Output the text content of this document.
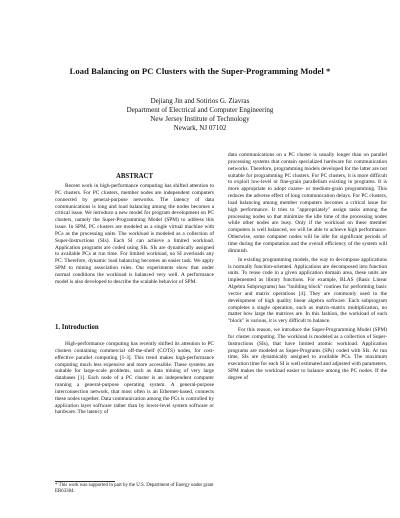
Load Balancing on PC Clusters with the Super-Programming Model *
Dejiang Jin and Sotirios G. Ziavras
Department of Electrical and Computer Engineering
New Jersey Institute of Technology
Newark, NJ 07102
ABSTRACT

Recent work in high-performance computing has shifted attention to PC clusters. For PC clusters, member nodes are independent computers connected by general-purpose networks. The latency of data communications is long and load balancing among the nodes becomes a critical issue. We introduce a new model for program development on PC clusters, namely the Super-Programming Model (SPM) to address this issue. In SPM, PC clusters are modeled as a single virtual machine with PCs as the processing units. The workload is modeled as a collection of Super-Instructions (SIs). Each SI can achieve a limited workload. Application programs are coded using SIs. SIs are dynamically assigned to available PCs at run time. For limited workload, no SI overloads any PC. Therefore, dynamic load balancing becomes an easier task. We apply SPM to mining association rules. Our experiments show that under normal conditions the workload is balanced very well. A performance model is also developed to describe the scalable behavior of SPM.

High-performance computing has recently shifted its attention to PC clusters containing commercial off-the-shelf (COTS) nodes, for cost-effective parallel computing [1-3]. This trend makes high-performance computing much less expensive and more accessible. These systems are suitable for large-scale problems, such as data mining of very large databases [1]. Each node of a PC cluster is an independent computer running a general-purpose operating system. A general-purpose interconnection network, that most often is an Ethernet-based, connects these nodes together. Data communication among the PCs is controlled by application layer software rather than by lower-level system software or hardware. The latency of

1. Introduction

data communications on a PC cluster is usually longer than on parallel processing systems that contain specialized hardware for communication networks. Therefore, programming models developed for the latter are not suitable for programming PC clusters. For PC clusters, it is more difficult to exploit low-level or fine-grain parallelism existing in programs. It is more appropriate to adopt coarse- or medium-grain programming. This reduces the adverse effect of long communication delays. For PC clusters, load balancing among member computers becomes a critical issue for high performance. It tries to "appropriately" assign tasks among the processing nodes so that minimize the idle time of the processing nodes while other nodes are busy. Only if the workload on these member computers is well balanced, we will be able to achieve high performance. Otherwise, some computer nodes will be idle for significant periods of time during the computation and the overall efficiency of the system will diminish.

In existing programming models, the way to decompose applications is normally function-oriented. Applications are decomposed into function units. To reuse code in a given application domain area, these units are implemented as library functions. For example, BLAS (Basic Linear Algebra Subprograms) has "building block" routines for performing basic vector and matrix operations [4]. They are commonly used in the development of high quality linear algebra software. Each subprogram completes a single operation, such as matrix-matrix multiplication, no matter how large the matrices are. In this fashion, the workload of each "block" is various, it is very difficult to balance.

For this reason, we introduce the Super-Programming Model (SPM) for cluster computing. The workload is modeled as a collection of Super-Instructions (SIs), that have limited atomic workload. Application programs are modeled as Super-Programs (SPs) coded with SIs. At run time, SIs are dynamically assigned to available PCs. The maximum execution time for each SI is well estimated and adjusted with parameters. SPM makes the workload easier to balance among the PC nodes. If the degree of

* This work was supported in part by the U.S. Department of Energy under grant ER63384.
